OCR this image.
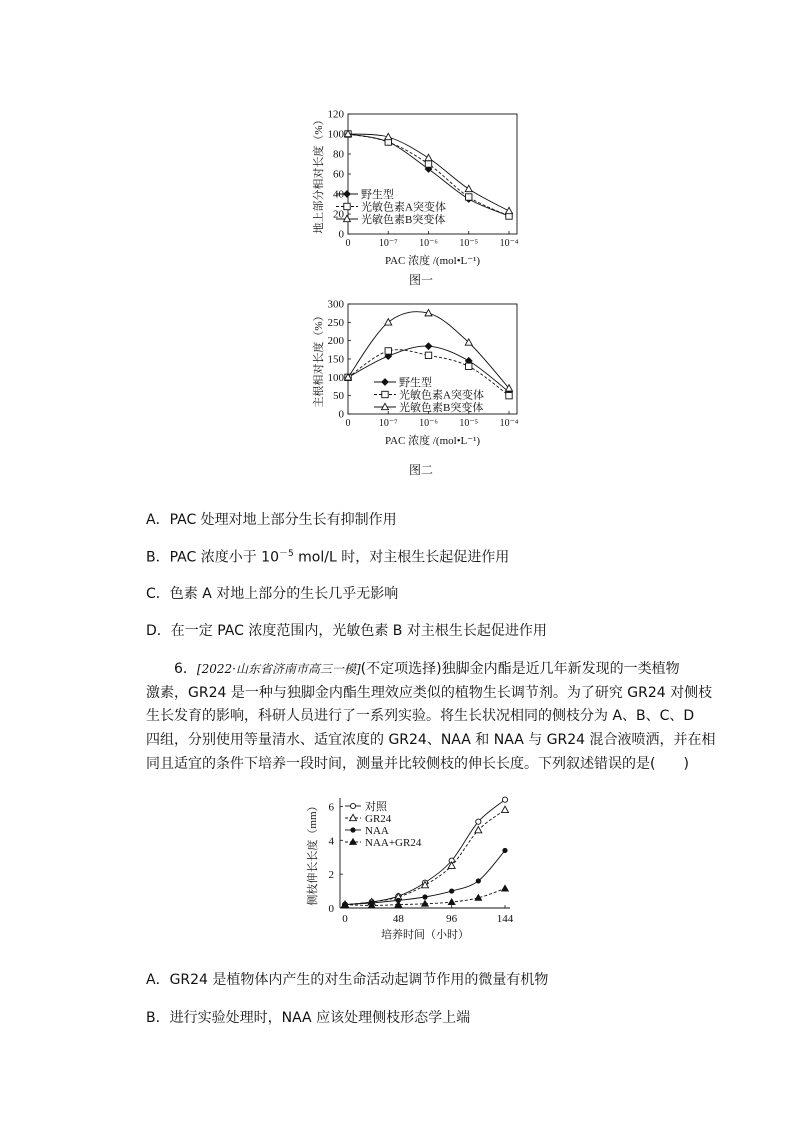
0
20
40
60
80
100
120
0	10⁻⁷ 10⁻⁶ 10⁻⁵ 10⁻⁴
PAC 浓度 /(mol•L⁻¹)
地上部分相对长度（%）	野生型
光敏色素A突变体
光敏色素B突变体
图一
0
50
100
150
200
250
300
0	10⁻⁷ 10⁻⁶ 10⁻⁵ 10⁻⁴
PAC 浓度 /(mol•L⁻¹)
主根相对长度（%）	野生型
光敏色素A突变体
光敏色素B突变体
图二
A．PAC 处理对地上部分生长有抑制作用
B．PAC 浓度小于 $10^{-5}$ mol/L 时，对主根生长起促进作用
C．色素 A 对地上部分的生长几乎无影响
D．在一定 PAC 浓度范围内，光敏色素 B 对主根生长起促进作用
6．[2022·山东省济南市高三一模](不定项选择)独脚金内酯是近几年新发现的一类植物
激素，GR24 是一种与独脚金内酯生理效应类似的植物生长调节剂。为了研究 GR24 对侧枝
生长发育的影响，科研人员进行了一系列实验。将生长状况相同的侧枝分为 A、B、C、D
四组，分别使用等量清水、适宜浓度的 GR24、NAA 和 NAA 与 GR24 混合液喷洒，并在相
同且适宜的条件下培养一段时间，测量并比较侧枝的伸长长度。下列叙述错误的是(　　)
0
2
4
6
0	48	96	144
培养时间（小时）
侧枝伸长长度（mm）	对照
GR24
NAA
NAA+GR24
A．GR24 是植物体内产生的对生命活动起调节作用的微量有机物
B．进行实验处理时，NAA 应该处理侧枝形态学上端
